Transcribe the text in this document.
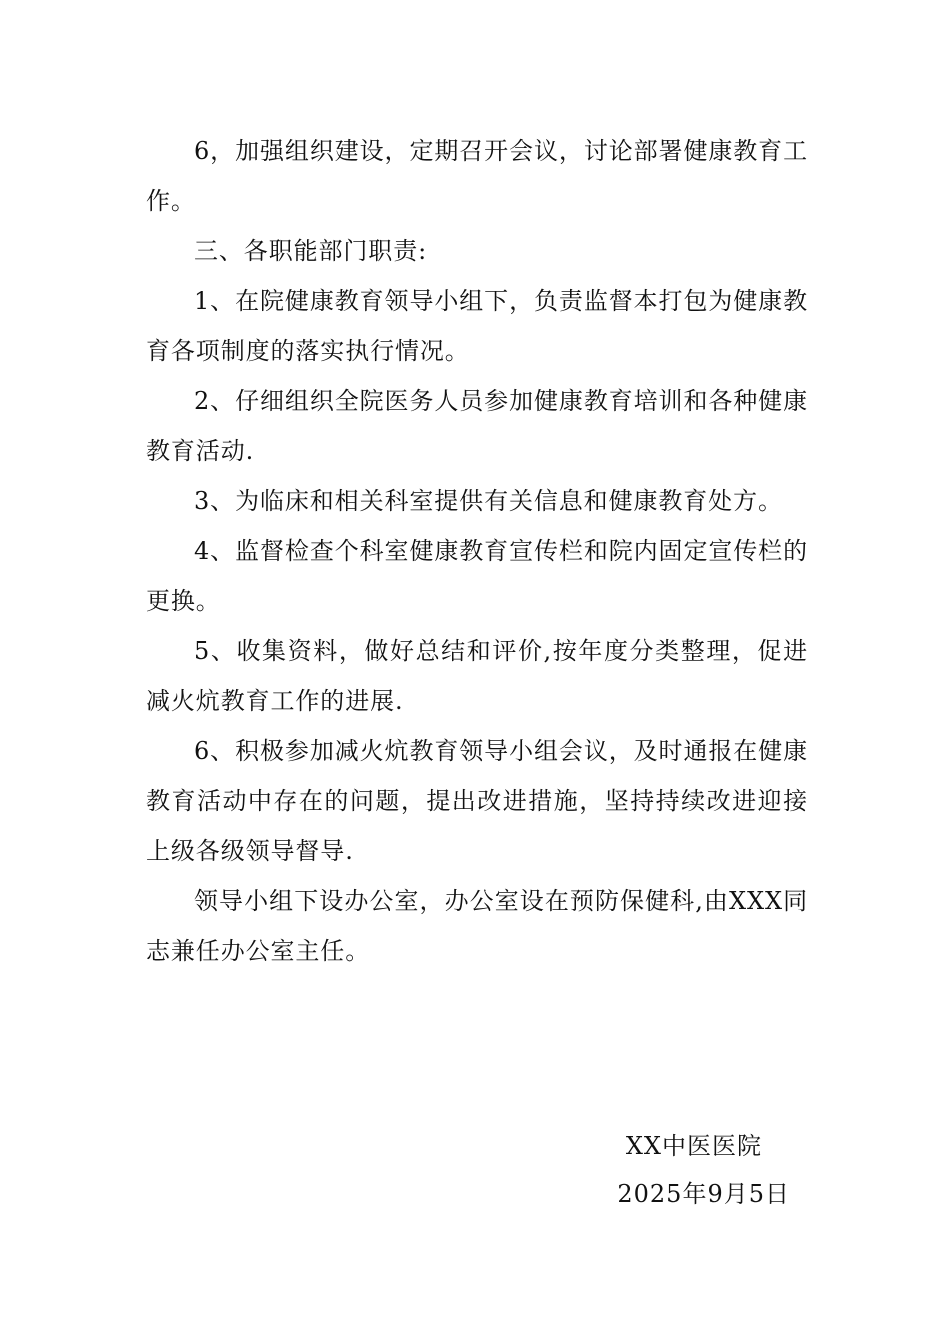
6，加强组织建设，定期召开会议，讨论部署健康教育工作。

三、各职能部门职责:

1、在院健康教育领导小组下，负责监督本打包为健康教育各项制度的落实执行情况。

2、仔细组织全院医务人员参加健康教育培训和各种健康教育活动.

3、为临床和相关科室提供有关信息和健康教育处方。

4、监督检查个科室健康教育宣传栏和院内固定宣传栏的更换。

5、收集资料，做好总结和评价,按年度分类整理，促进减火炕教育工作的进展.

6、积极参加减火炕教育领导小组会议，及时通报在健康教育活动中存在的问题，提出改进措施，坚持持续改进迎接上级各级领导督导.

领导小组下设办公室，办公室设在预防保健科,由XXX同志兼任办公室主任。

XX中医医院
2025年9月5日
